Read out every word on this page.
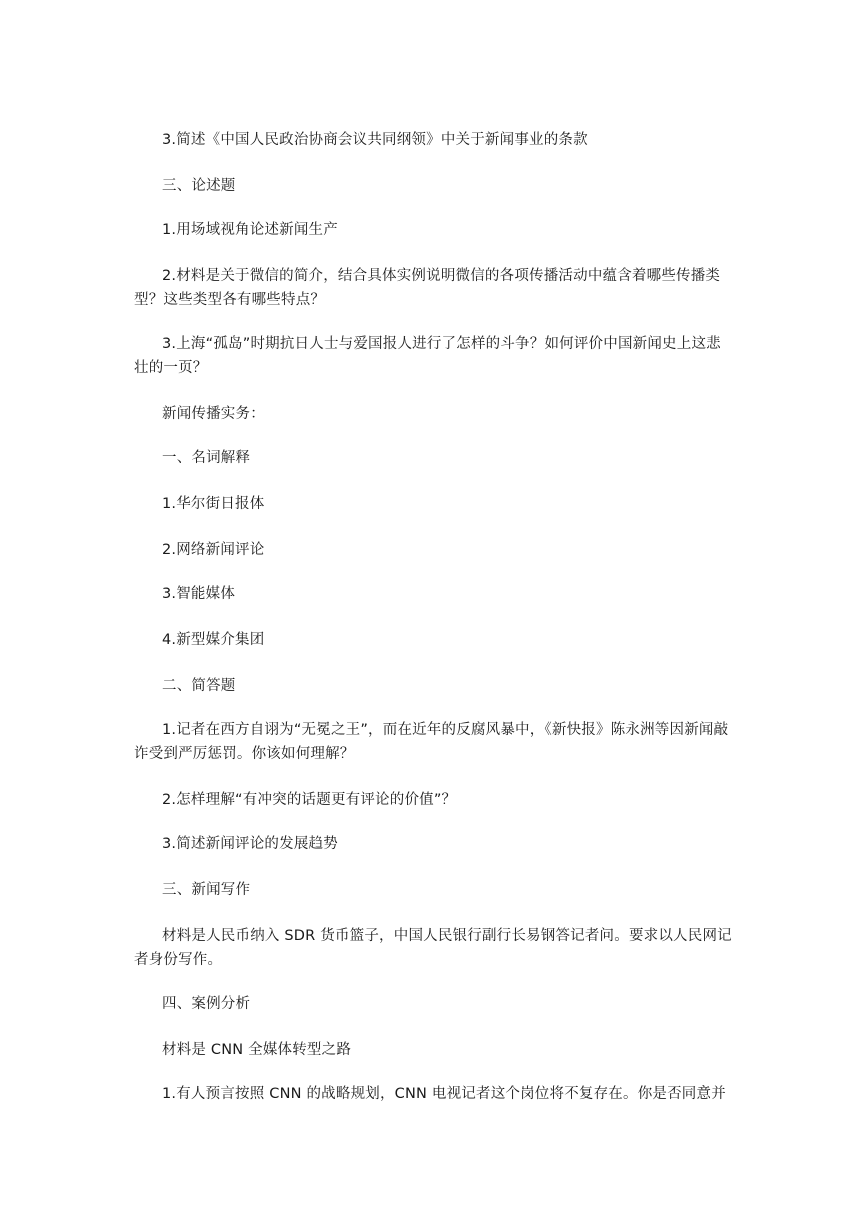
3.简述《中国人民政治协商会议共同纲领》中关于新闻事业的条款
三、论述题
1.用场域视角论述新闻生产
2.材料是关于微信的简介，结合具体实例说明微信的各项传播活动中蕴含着哪些传播类型？这些类型各有哪些特点？
3.上海“孤岛”时期抗日人士与爱国报人进行了怎样的斗争？如何评价中国新闻史上这悲壮的一页？
新闻传播实务：
一、名词解释
1.华尔街日报体
2.网络新闻评论
3.智能媒体
4.新型媒介集团
二、简答题
1.记者在西方自诩为“无冕之王”，而在近年的反腐风暴中，《新快报》陈永洲等因新闻敲诈受到严厉惩罚。你该如何理解？
2.怎样理解“有冲突的话题更有评论的价值”？
3.简述新闻评论的发展趋势
三、新闻写作
材料是人民币纳入 SDR 货币篮子，中国人民银行副行长易钢答记者问。要求以人民网记者身份写作。
四、案例分析
材料是 CNN 全媒体转型之路
1.有人预言按照 CNN 的战略规划，CNN 电视记者这个岗位将不复存在。你是否同意并
